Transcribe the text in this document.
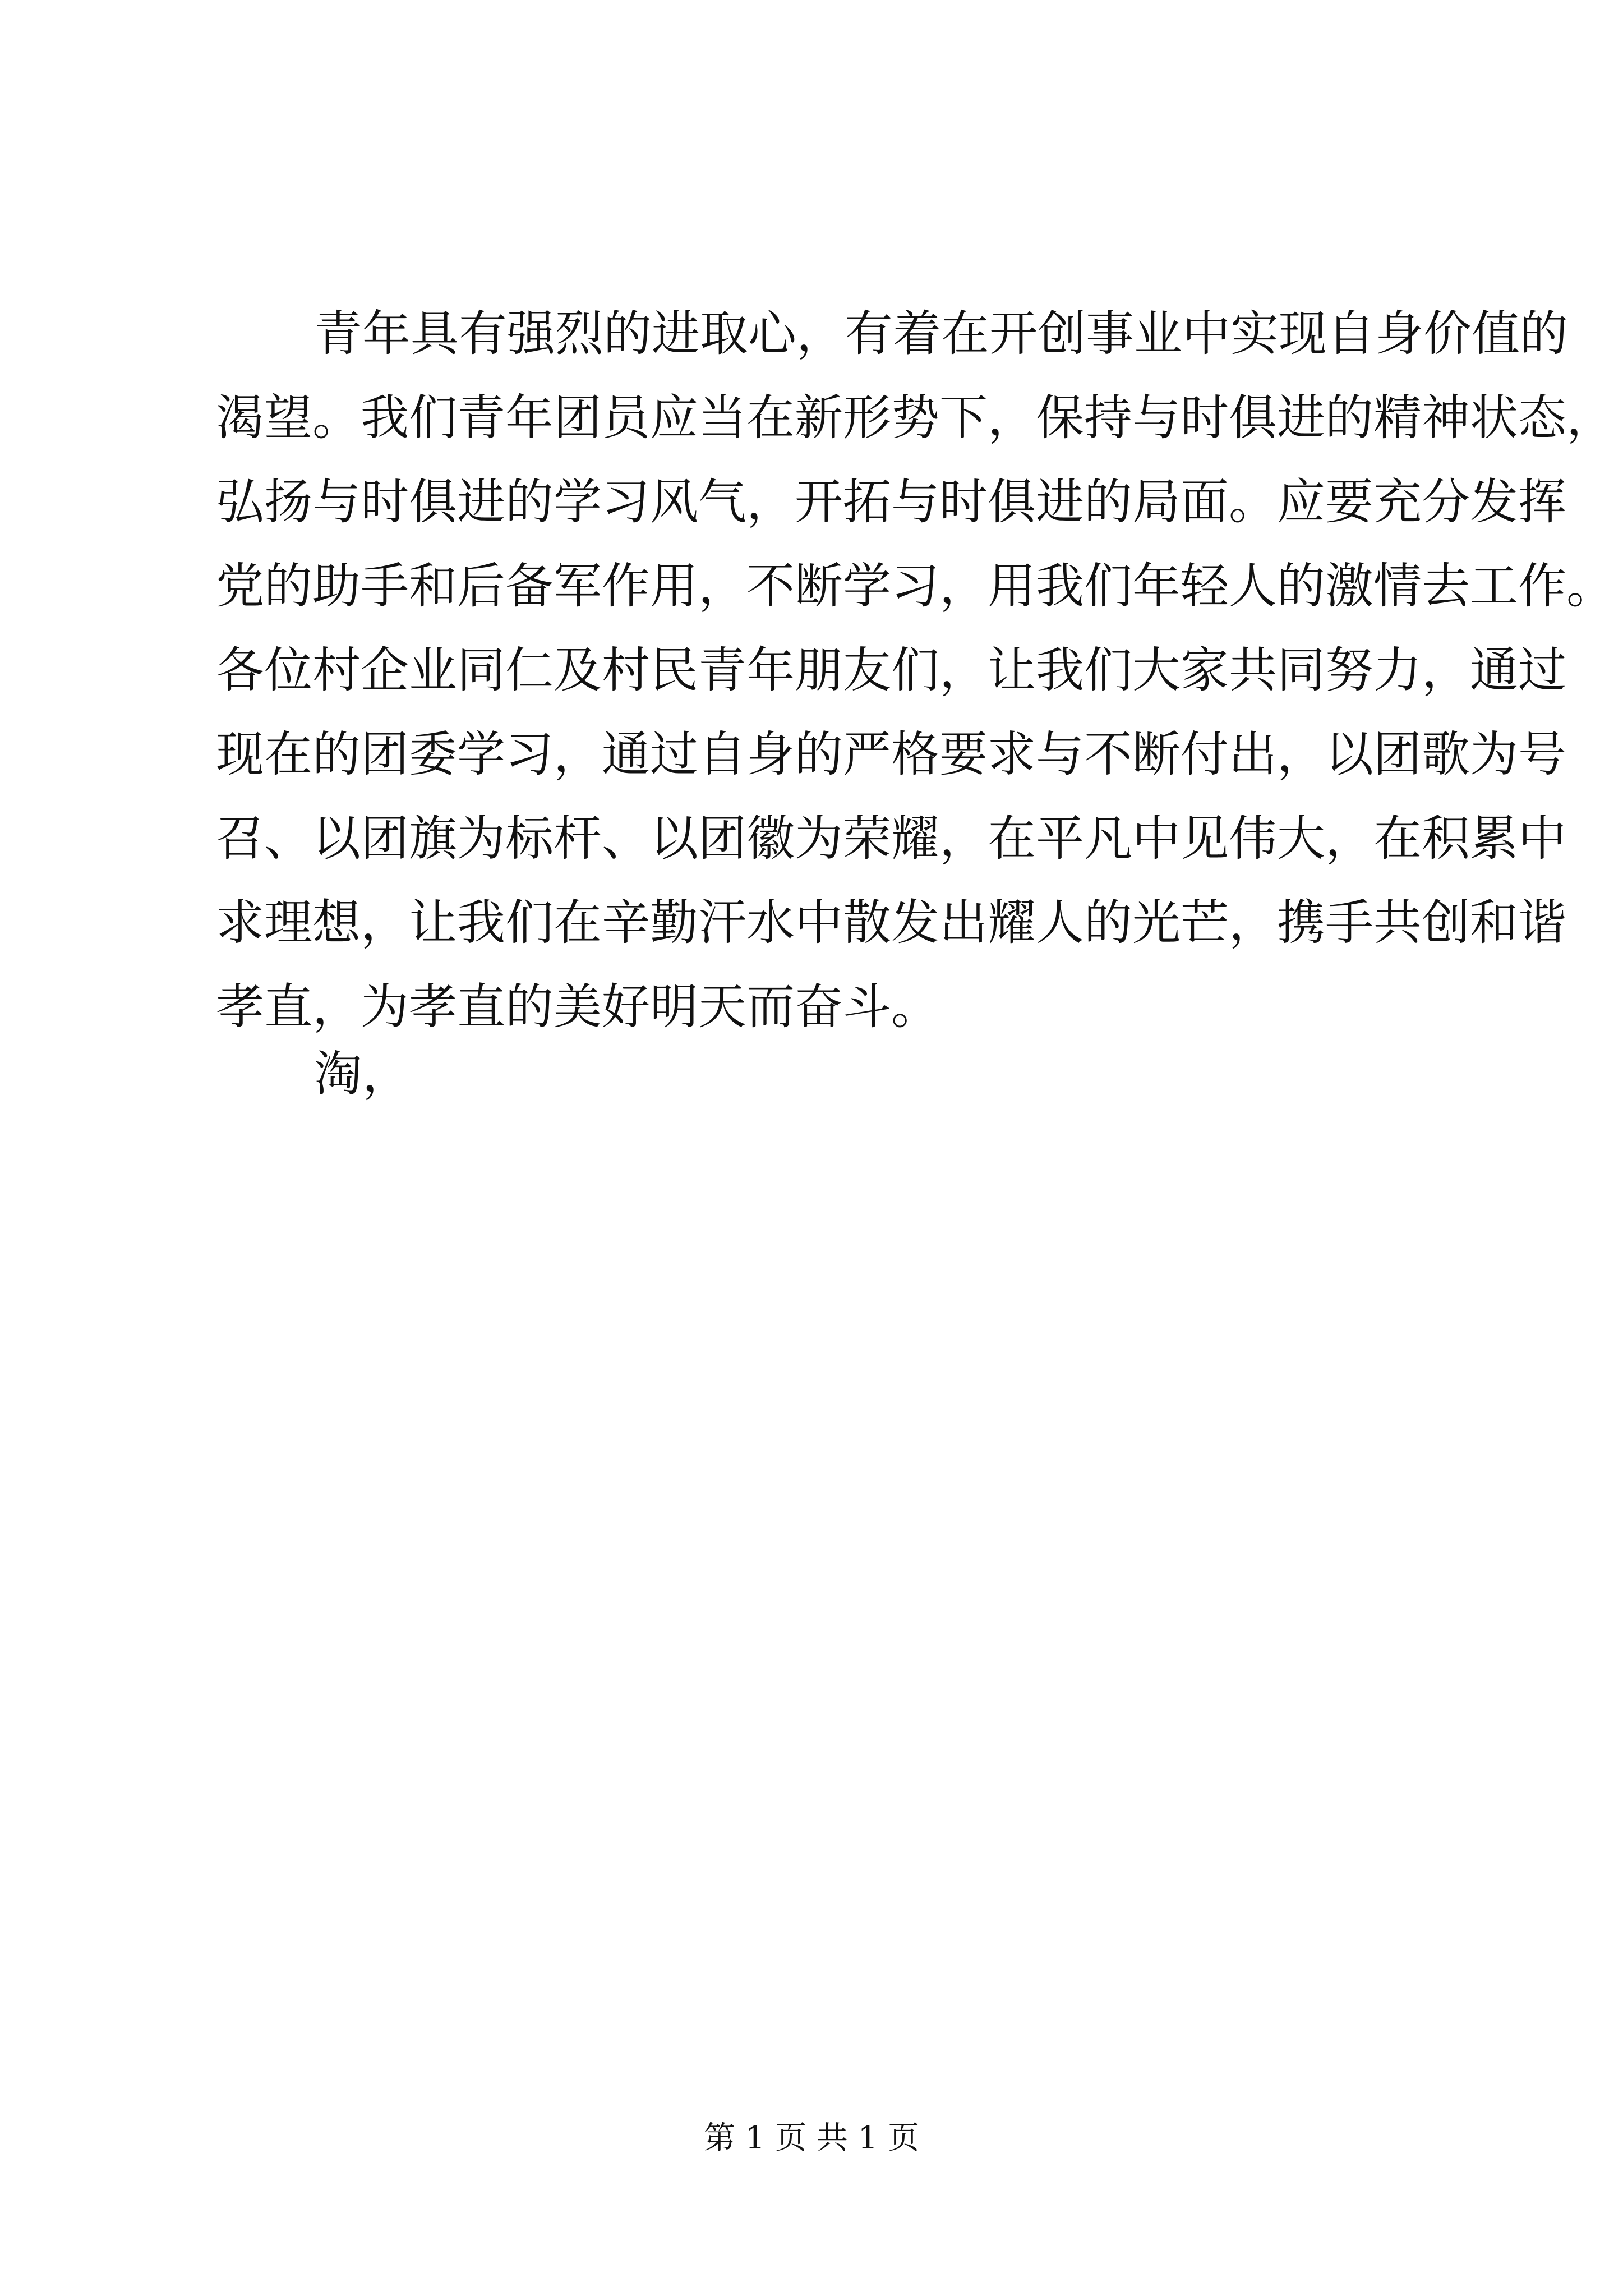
青年具有强烈的进取心，有着在开创事业中实现自身价值的
渴望。我们青年团员应当在新形势下，保持与时俱进的精神状态，
弘扬与时俱进的学习风气，开拓与时俱进的局面。应要充分发挥
党的助手和后备军作用，不断学习，用我们年轻人的激情去工作。
各位村企业同仁及村民青年朋友们，让我们大家共同努力，通过
现在的团委学习，通过自身的严格要求与不断付出，以团歌为号
召、以团旗为标杆、以团徽为荣耀，在平凡中见伟大，在积累中
求理想，让我们在辛勤汗水中散发出耀人的光芒，携手共创和谐
孝直，为孝直的美好明天而奋斗。
淘，
第 1 页 共 1 页
